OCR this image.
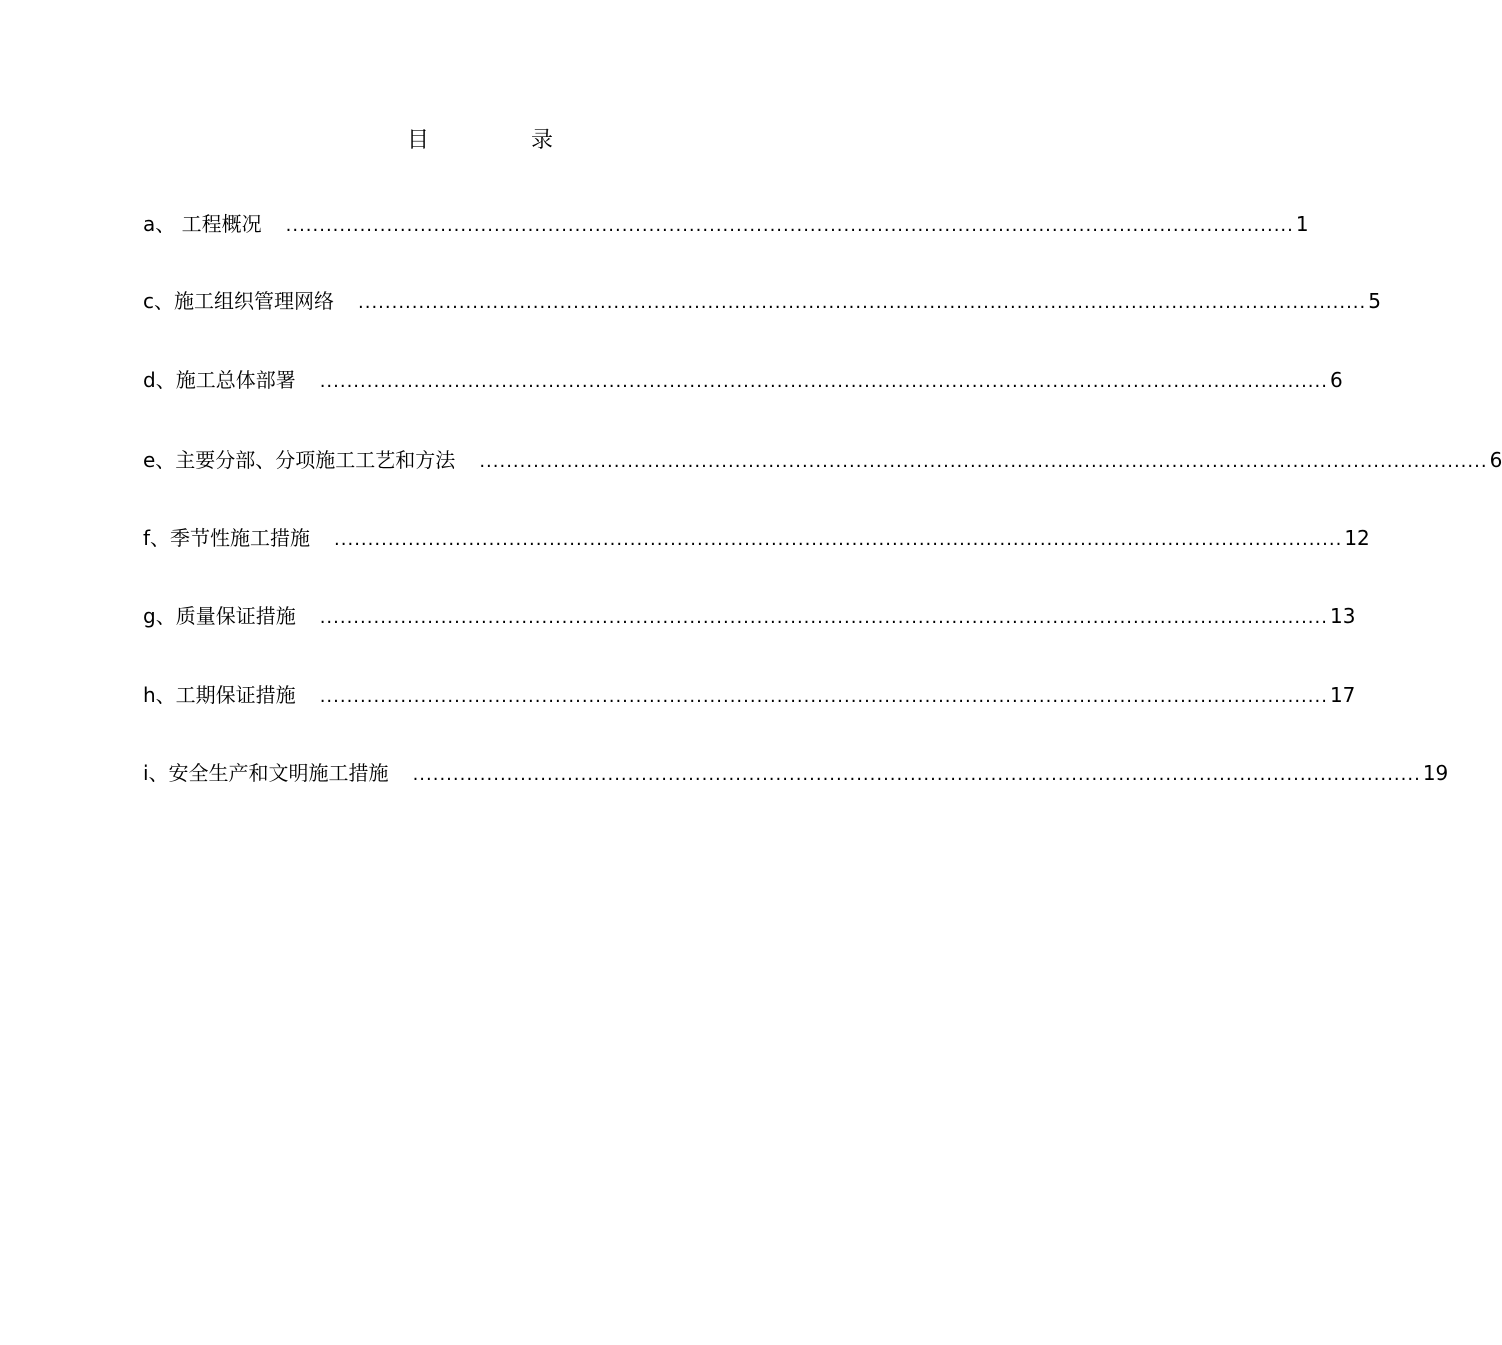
目　录
a、 工程概况 ...................................................................................................................................................... 1
c、施工组织管理网络 ...................................................................................................................................................... 5
d、施工总体部署 ...................................................................................................................................................... 6
e、主要分部、分项施工工艺和方法 ...................................................................................................................................................... 6
f、季节性施工措施 ...................................................................................................................................................... 12
g、质量保证措施 ...................................................................................................................................................... 13
h、工期保证措施 ...................................................................................................................................................... 17
i、安全生产和文明施工措施 ...................................................................................................................................................... 19
